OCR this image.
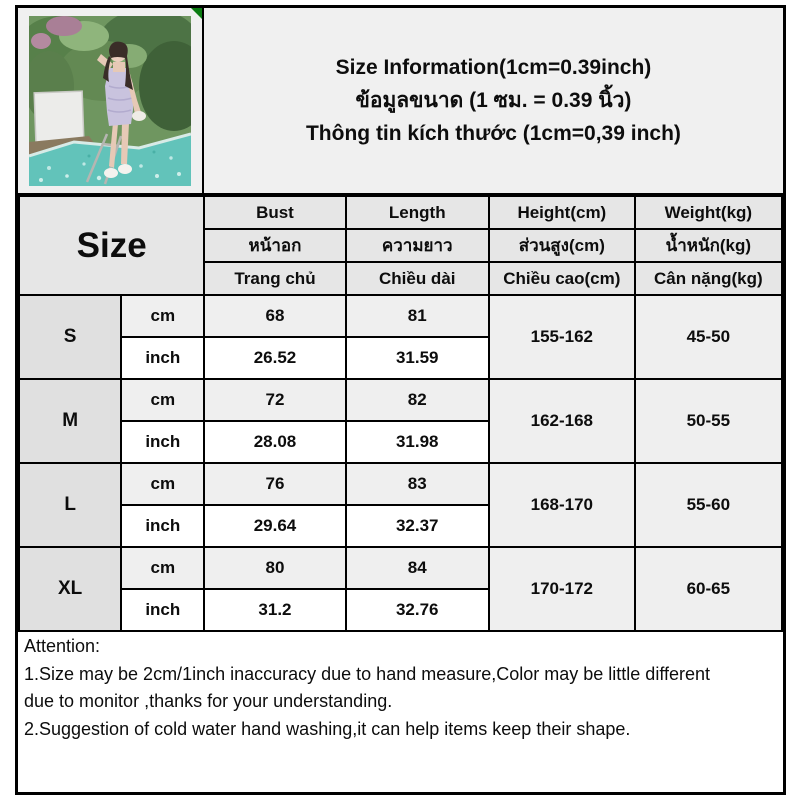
Size Information(1cm=0.39inch)
ข้อมูลขนาด (1 ซม. = 0.39 นิ้ว)
Thông tin kích thước (1cm=0,39 inch)
Size		Bust	Length	Height(cm)	Weight(kg)
		หน้าอก	ความยาว	ส่วนสูง(cm)	น้ำหนัก(kg)
		Trang chủ	Chiều dài	Chiều cao(cm)	Cân nặng(kg)
S	cm	68	81	155-162	45-50
	inch	26.52	31.59		
M	cm	72	82	162-168	50-55
	inch	28.08	31.98		
L	cm	76	83	168-170	55-60
	inch	29.64	32.37		
XL	cm	80	84	170-172	60-65
	inch	31.2	32.76		
Attention:
1.Size may be 2cm/1inch inaccuracy due to hand measure,Color may be little different
due to monitor ,thanks for your understanding.
2.Suggestion of cold water hand washing,it can help items keep their shape.
